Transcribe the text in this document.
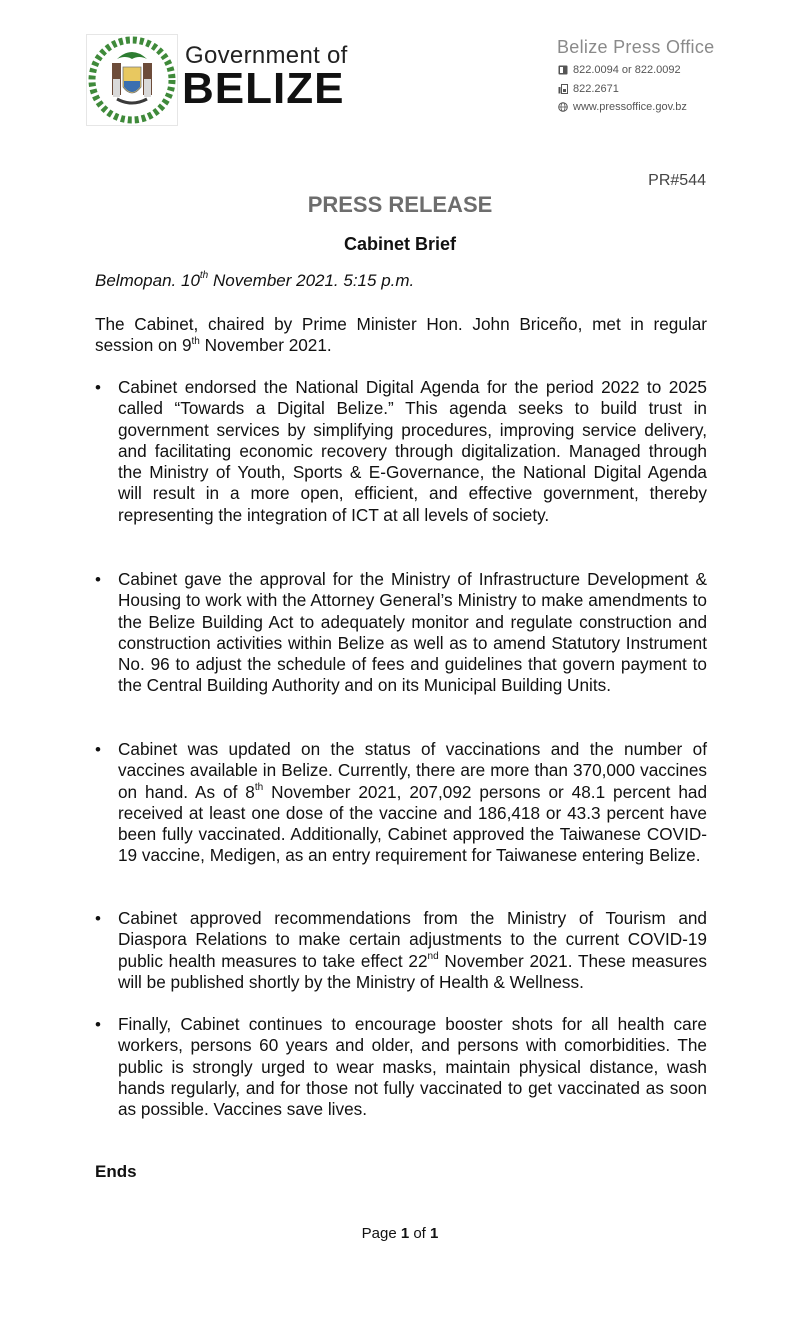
Government of
BELIZE
Belize Press Office
822.0094 or 822.0092
822.2671
www.pressoffice.gov.bz
PR#544
PRESS RELEASE
Cabinet Brief
Belmopan. 10th November 2021. 5:15 p.m.
The Cabinet, chaired by Prime Minister Hon. John Briceño, met in regular session on 9th November 2021.
• Cabinet endorsed the National Digital Agenda for the period 2022 to 2025 called “Towards a Digital Belize.” This agenda seeks to build trust in government services by simplifying procedures, improving service delivery, and facilitating economic recovery through digitalization. Managed through the Ministry of Youth, Sports & E-Governance, the National Digital Agenda will result in a more open, efficient, and effective government, thereby representing the integration of ICT at all levels of society.
• Cabinet gave the approval for the Ministry of Infrastructure Development & Housing to work with the Attorney General’s Ministry to make amendments to the Belize Building Act to adequately monitor and regulate construction and construction activities within Belize as well as to amend Statutory Instrument No. 96 to adjust the schedule of fees and guidelines that govern payment to the Central Building Authority and on its Municipal Building Units.
• Cabinet was updated on the status of vaccinations and the number of vaccines available in Belize. Currently, there are more than 370,000 vaccines on hand. As of 8th November 2021, 207,092 persons or 48.1 percent had received at least one dose of the vaccine and 186,418 or 43.3 percent have been fully vaccinated. Additionally, Cabinet approved the Taiwanese COVID-19 vaccine, Medigen, as an entry requirement for Taiwanese entering Belize.
• Cabinet approved recommendations from the Ministry of Tourism and Diaspora Relations to make certain adjustments to the current COVID-19 public health measures to take effect 22nd November 2021. These measures will be published shortly by the Ministry of Health & Wellness.
• Finally, Cabinet continues to encourage booster shots for all health care workers, persons 60 years and older, and persons with comorbidities. The public is strongly urged to wear masks, maintain physical distance, wash hands regularly, and for those not fully vaccinated to get vaccinated as soon as possible. Vaccines save lives.
Ends
Page 1 of 1
